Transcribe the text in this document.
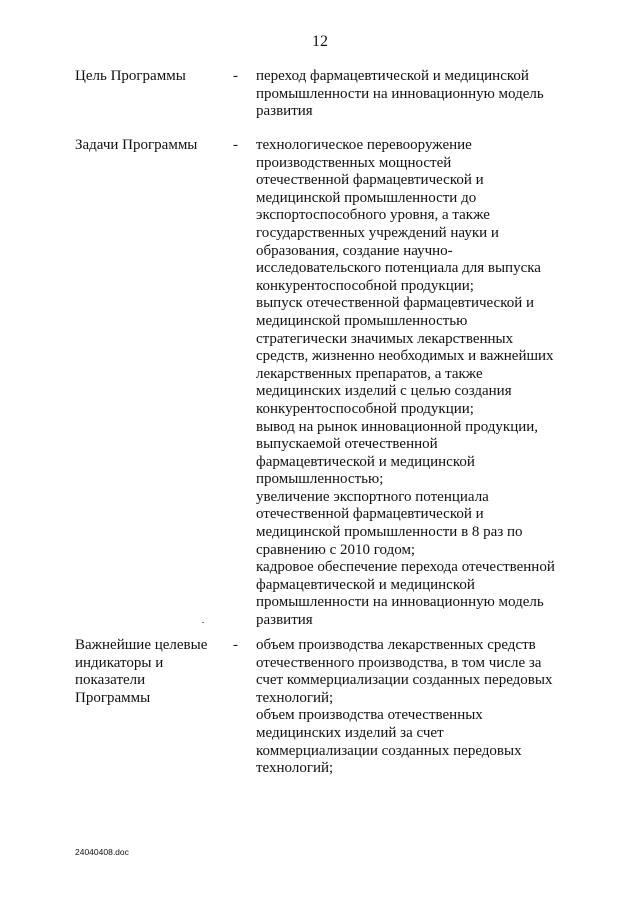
12
Цель Программы	- переход фармацевтической и медицинской
промышленности на инновационную модель
развития
Задачи Программы	- технологическое перевооружение
производственных мощностей
отечественной фармацевтической и
медицинской промышленности до
экспортоспособного уровня, а также
государственных учреждений науки и
образования, создание научно-
исследовательского потенциала для выпуска
конкурентоспособной продукции;
выпуск отечественной фармацевтической и
медицинской промышленностью
стратегически значимых лекарственных
средств, жизненно необходимых и важнейших
лекарственных препаратов, а также
медицинских изделий с целью создания
конкурентоспособной продукции;
вывод на рынок инновационной продукции,
выпускаемой отечественной
фармацевтической и медицинской
промышленностью;
увеличение экспортного потенциала
отечественной фармацевтической и
медицинской промышленности в 8 раз по
сравнению с 2010 годом;
кадровое обеспечение перехода отечественной
фармацевтической и медицинской
промышленности на инновационную модель
развития
Важнейшие целевые
индикаторы и
показатели
Программы
- объем производства лекарственных средств
отечественного производства, в том числе за
счет коммерциализации созданных передовых
технологий;
объем производства отечественных
медицинских изделий за счет
коммерциализации созданных передовых
технологий;
24040408.doc
